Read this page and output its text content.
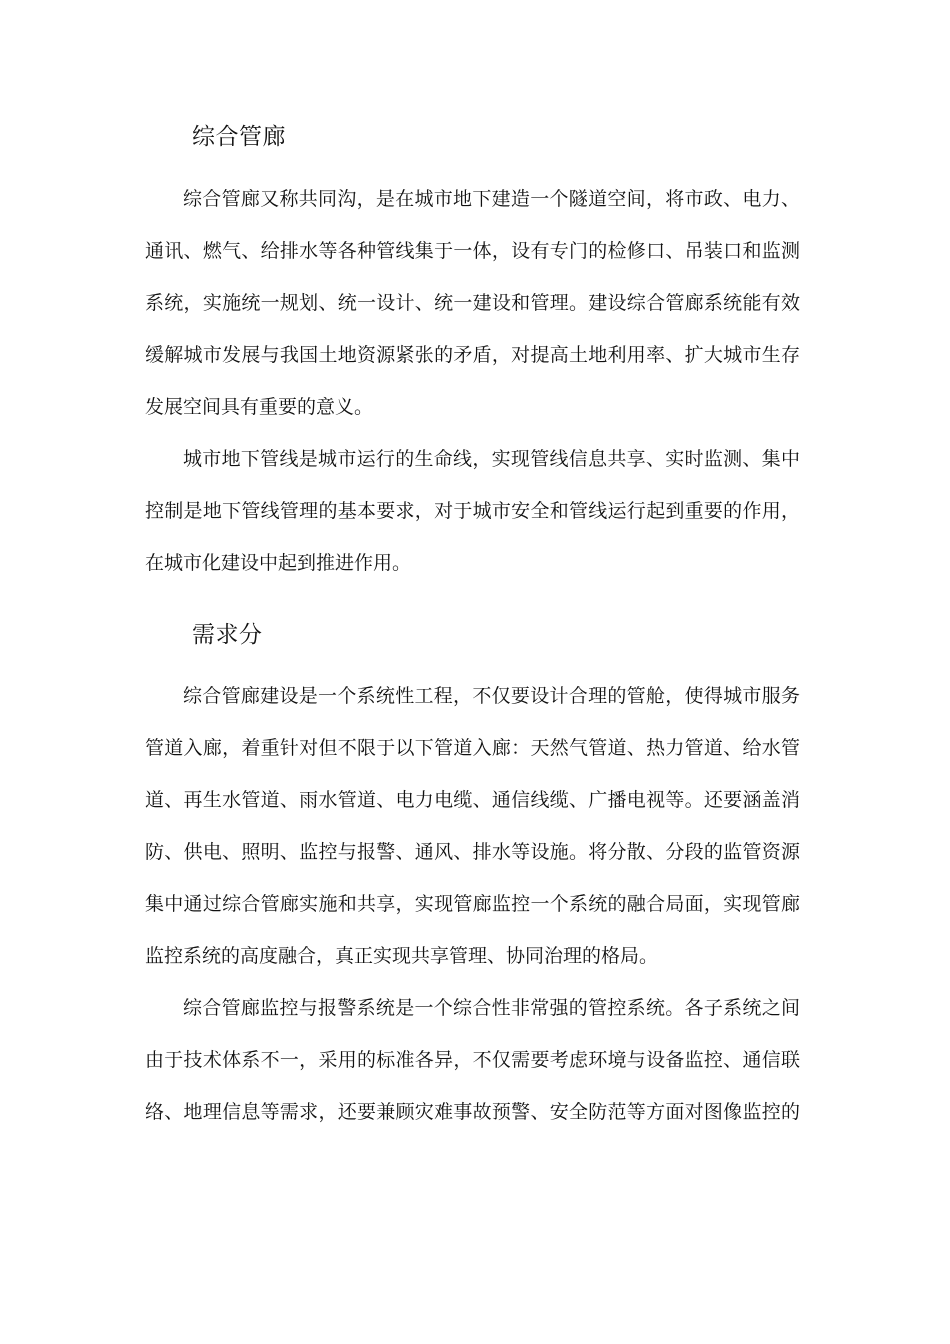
综合管廊
综合管廊又称共同沟，是在城市地下建造一个隧道空间，将市政、电力、
通讯、燃气、给排水等各种管线集于一体，设有专门的检修口、吊装口和监测
系统，实施统一规划、统一设计、统一建设和管理。建设综合管廊系统能有效
缓解城市发展与我国土地资源紧张的矛盾，对提高土地利用率、扩大城市生存
发展空间具有重要的意义。
城市地下管线是城市运行的生命线，实现管线信息共享、实时监测、集中
控制是地下管线管理的基本要求，对于城市安全和管线运行起到重要的作用，
在城市化建设中起到推进作用。
需求分
综合管廊建设是一个系统性工程，不仅要设计合理的管舱，使得城市服务
管道入廊，着重针对但不限于以下管道入廊：天然气管道、热力管道、给水管
道、再生水管道、雨水管道、电力电缆、通信线缆、广播电视等。还要涵盖消
防、供电、照明、监控与报警、通风、排水等设施。将分散、分段的监管资源
集中通过综合管廊实施和共享，实现管廊监控一个系统的融合局面，实现管廊
监控系统的高度融合，真正实现共享管理、协同治理的格局。
综合管廊监控与报警系统是一个综合性非常强的管控系统。各子系统之间
由于技术体系不一，采用的标准各异，不仅需要考虑环境与设备监控、通信联
络、地理信息等需求，还要兼顾灾难事故预警、安全防范等方面对图像监控的
